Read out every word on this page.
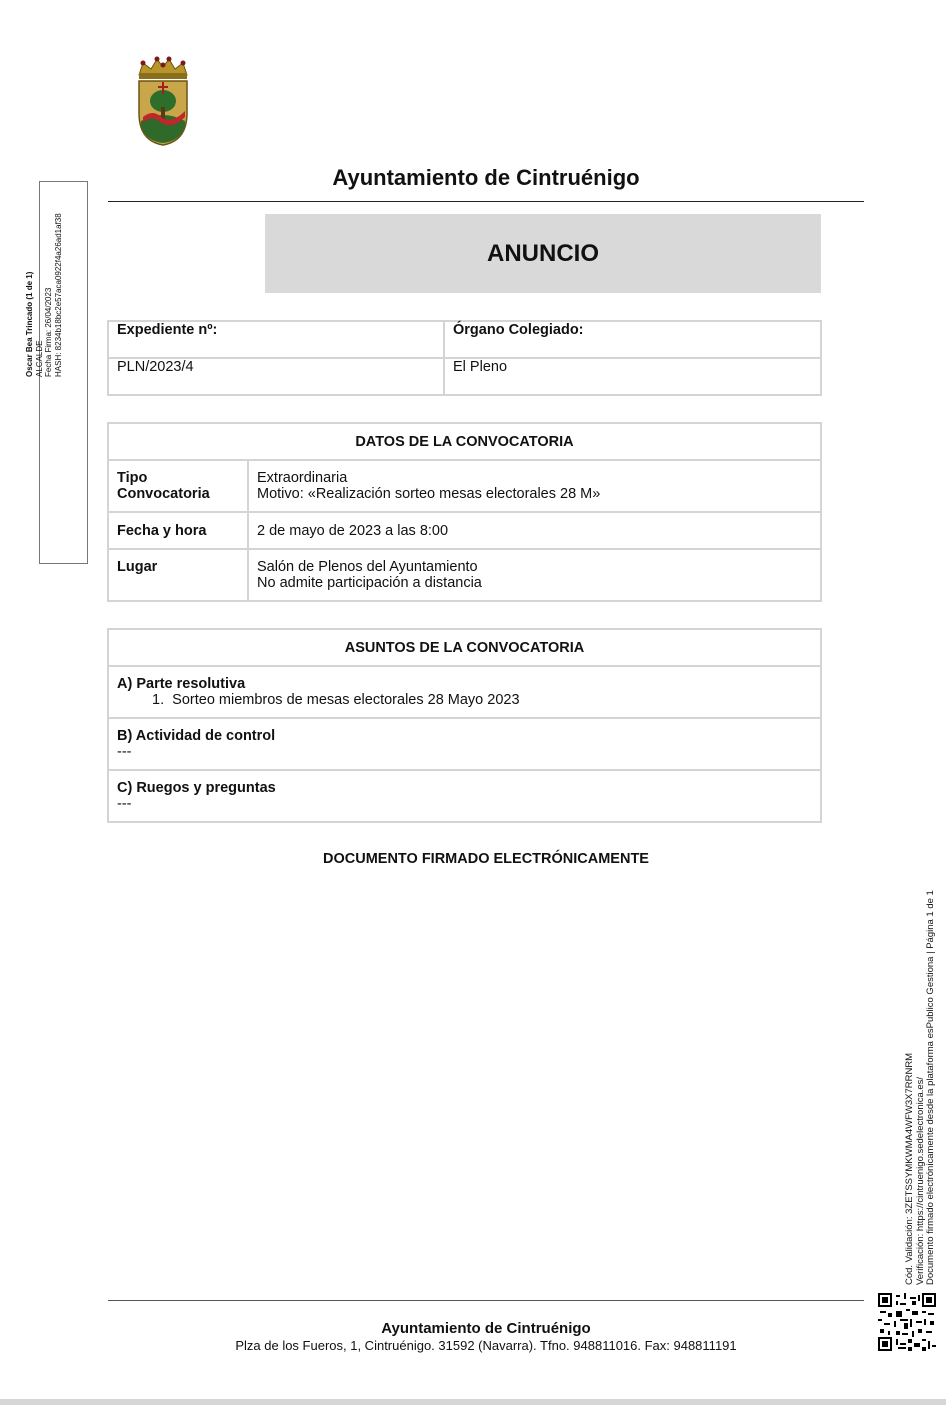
Ayuntamiento de Cintruénigo
ANUNCIO
Expediente nº:	Órgano Colegiado:
PLN/2023/4	El Pleno
DATOS DE LA CONVOCATORIA	
Tipo Convocatoria	Extraordinaria
Motivo: «Realización sorteo mesas electorales 28 M»

Fecha y hora	2 de mayo de 2023 a las 8:00
Lugar	Salón de Plenos del Ayuntamiento
No admite participación a distancia
ASUNTOS DE LA CONVOCATORIA

A) Parte resolutiva
1. Sorteo miembros de mesas electorales 28 Mayo 2023

B) Actividad de control
---

C) Ruegos y preguntas
---
DOCUMENTO FIRMADO ELECTRÓNICAMENTE
Oscar Bea Trincado (1 de 1) ALCALDE Fecha Firma: 26/04/2023 HASH: 8234b18bc2e57aca0922f4a26ad1af38
Cód. Validación: 3ZETSSYMKWMA4WFW3X7RRNRM Verificación: https://cintruenigo.sedelectronica.es/ Documento firmado electrónicamente desde la plataforma esPublico Gestiona | Página 1 de 1
Ayuntamiento de Cintruénigo
Plza de los Fueros, 1, Cintruénigo. 31592 (Navarra). Tfno. 948811016. Fax: 948811191
